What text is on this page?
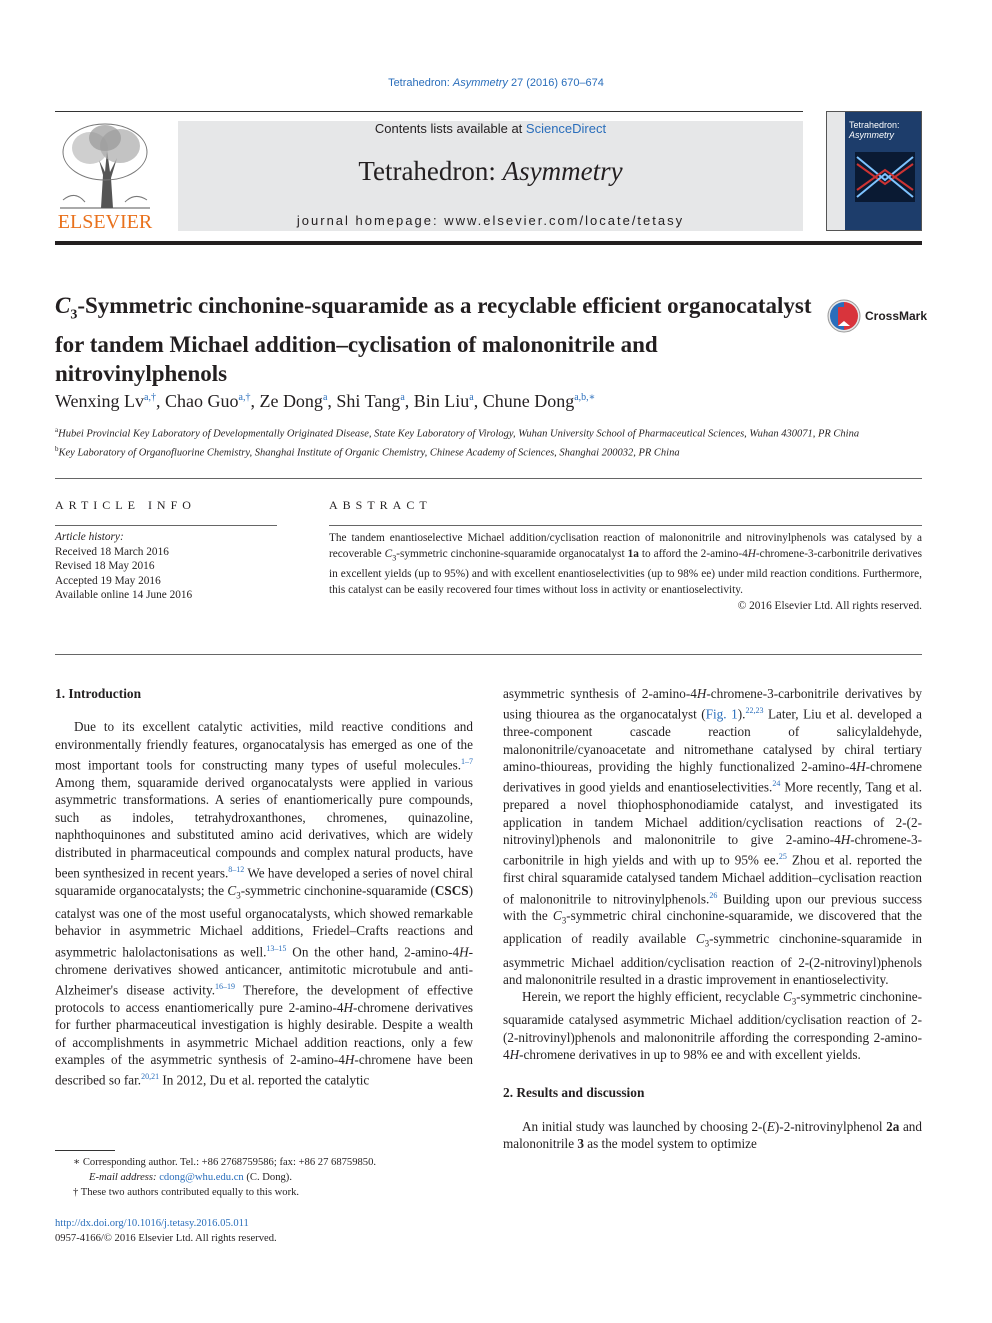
Tetrahedron: Asymmetry 27 (2016) 670–674
ELSEVIER
Contents lists available at ScienceDirect
Tetrahedron: Asymmetry
journal homepage: www.elsevier.com/locate/tetasy
Tetrahedron:
Asymmetry
$C_3$-Symmetric cinchonine-squaramide as a recyclable efficient organocatalyst for tandem Michael addition–cyclisation of malononitrile and nitrovinylphenols
CrossMark
Wenxing $Lv^{a,\dagger}$, Chao Guo$^{a,\dagger}$, Ze Dong$^a$, Shi Tang$^a$, Bin Liu$^a$, Chune Dong$^{a,b,∗}$
$^a$Hubei Provincial Key Laboratory of Developmentally Originated Disease, State Key Laboratory of Virology, Wuhan University School of Pharmaceutical Sciences, Wuhan 430071, PR China
$^b$Key Laboratory of Organofluorine Chemistry, Shanghai Institute of Organic Chemistry, Chinese Academy of Sciences, Shanghai 200032, PR China
ARTICLE INFO	ABSTRACT
Article history:
Received 18 March 2016
Revised 18 May 2016
Accepted 19 May 2016
Available online 14 June 2016

The tandem enantioselective Michael addition/cyclisation reaction of malononitrile and nitrovinylphenols was catalysed by a recoverable $C_3$-symmetric cinchonine-squaramide organocatalyst 1a to afford the 2-amino-4H-chromene-3-carbonitrile derivatives in excellent yields (up to 95%) and with excellent enantioselectivities (up to 98% ee) under mild reaction conditions. Furthermore, this catalyst can be easily recovered four times without loss in activity or enantioselectivity.

© 2016 Elsevier Ltd. All rights reserved.

1. Introduction

Due to its excellent catalytic activities, mild reactive conditions and environmentally friendly features, organocatalysis has emerged as one of the most important tools for constructing many types of useful molecules.$^{1-7}$ Among them, squaramide derived organocatalysts were applied in various asymmetric transformations. A series of enantiomerically pure compounds, such as indoles, tetrahydroxanthones, chromenes, quinazoline, naphthoquinones and substituted amino acid derivatives, which are widely distributed in pharmaceutical compounds and complex natural products, have been synthesized in recent years.$^{8-12}$ We have developed a series of novel chiral squaramide organocatalysts; the $C_3$-symmetric cinchonine-squaramide (CSCS) catalyst was one of the most useful organocatalysts, which showed remarkable behavior in asymmetric Michael additions, Friedel–Crafts reactions and asymmetric halolactonisations as well.$^{13-15}$ On the other hand, 2-amino-4H-chromene derivatives showed anticancer, antimitotic microtubule and anti-Alzheimer's disease activity.$^{16-19}$ Therefore, the development of effective protocols to access enantiomerically pure 2-amino-4H-chromene derivatives for further pharmaceutical investigation is highly desirable. Despite a wealth of accomplishments in asymmetric Michael addition reactions, only a few examples of the asymmetric synthesis of 2-amino-4H-chromene have been described so far.$^{20,21}$ In 2012, Du et al. reported the catalytic

asymmetric synthesis of 2-amino-4H-chromene-3-carbonitrile derivatives by using thiourea as the organocatalyst (Fig. 1).$^{22,23}$ Later, Liu et al. developed a three-component cascade reaction of salicylaldehyde, malononitrile/cyanoacetate and nitromethane catalysed by chiral tertiary amino-thioureas, providing the highly functionalized 2-amino-4H-chromene derivatives in good yields and enantioselectivities.$^{24}$ More recently, Tang et al. prepared a novel thiophosphonodiamide catalyst, and investigated its application in tandem Michael addition/cyclisation reactions of 2-(2-nitrovinyl)phenols and malononitrile to give 2-amino-4H-chromene-3-carbonitrile in high yields and with up to 95% ee.$^{25}$ Zhou et al. reported the first chiral squaramide catalysed tandem Michael addition–cyclisation reaction of malononitrile to nitrovinylphenols.$^{26}$ Building upon our previous success with the $C_3$-symmetric chiral cinchonine-squaramide, we discovered that the application of readily available $C_3$-symmetric cinchonine-squaramide in asymmetric Michael addition/cyclisation reaction of 2-(2-nitrovinyl)phenols and malononitrile resulted in a drastic improvement in enantioselectivity.

Herein, we report the highly efficient, recyclable $C_3$-symmetric cinchonine-squaramide catalysed asymmetric Michael addition/cyclisation reaction of 2-(2-nitrovinyl)phenols and malononitrile affording the corresponding 2-amino-4H-chromene derivatives in up to 98% ee and with excellent yields.

2. Results and discussion

An initial study was launched by choosing 2-(E)-2-nitrovinylphenol 2a and malononitrile 3 as the model system to optimize

∗ Corresponding author. Tel.: +86 2768759586; fax: +86 27 68759850.
E-mail address: cdong@whu.edu.cn (C. Dong).
† These two authors contributed equally to this work.
http://dx.doi.org/10.1016/j.tetasy.2016.05.011
0957-4166/© 2016 Elsevier Ltd. All rights reserved.
